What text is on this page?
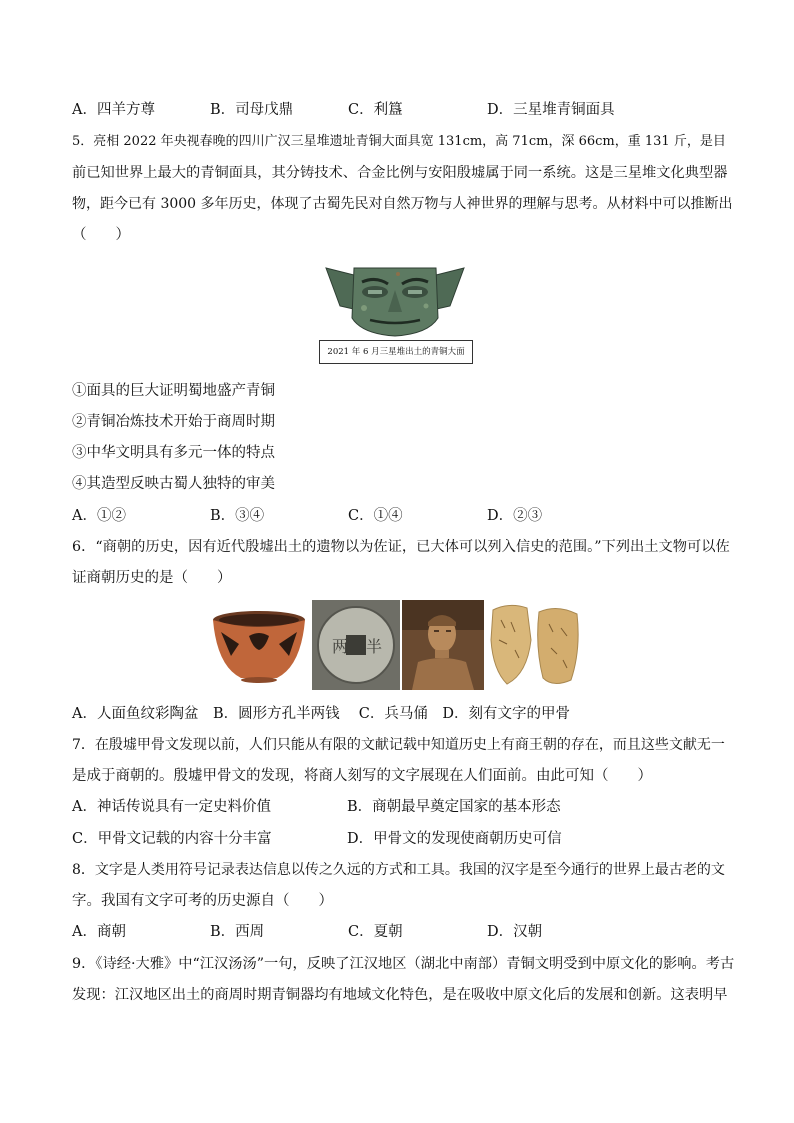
A．四羊方尊	B．司母戊鼎	C．利簋	D．三星堆青铜面具
5．亮相 2022 年央视春晚的四川广汉三星堆遗址青铜大面具宽 131cm，高 71cm，深 66cm，重 131 斤，是目
前已知世界上最大的青铜面具，其分铸技术、合金比例与安阳殷墟属于同一系统。这是三星堆文化典型器
物，距今已有 3000 多年历史，体现了古蜀先民对自然万物与人神世界的理解与思考。从材料中可以推断出
（　　）
2021 年 6 月三星堆出土的青铜大面
①面具的巨大证明蜀地盛产青铜
②青铜冶炼技术开始于商周时期
③中华文明具有多元一体的特点
④其造型反映古蜀人独特的审美
A．①②	B．③④	C．①④	D．②③
6．“商朝的历史，因有近代殷墟出土的遗物以为佐证，已大体可以列入信史的范围。”下列出土文物可以佐
证商朝历史的是（　　）
两 半
A．人面鱼纹彩陶盆　B．圆形方孔半两钱　 C．兵马俑　D．刻有文字的甲骨
7．在殷墟甲骨文发现以前，人们只能从有限的文献记载中知道历史上有商王朝的存在，而且这些文献无一
是成于商朝的。殷墟甲骨文的发现，将商人刻写的文字展现在人们面前。由此可知（　　）
A．神话传说具有一定史料价值	B．商朝最早奠定国家的基本形态
C．甲骨文记载的内容十分丰富	D．甲骨文的发现使商朝历史可信
8．文字是人类用符号记录表达信息以传之久远的方式和工具。我国的汉字是至今通行的世界上最古老的文
字。我国有文字可考的历史源自（　　）
A．商朝	B．西周	C．夏朝	D．汉朝
9．《诗经·大雅》中“江汉汤汤”一句，反映了江汉地区（湖北中南部）青铜文明受到中原文化的影响。考古
发现：江汉地区出土的商周时期青铜器均有地域文化特色，是在吸收中原文化后的发展和创新。这表明早
